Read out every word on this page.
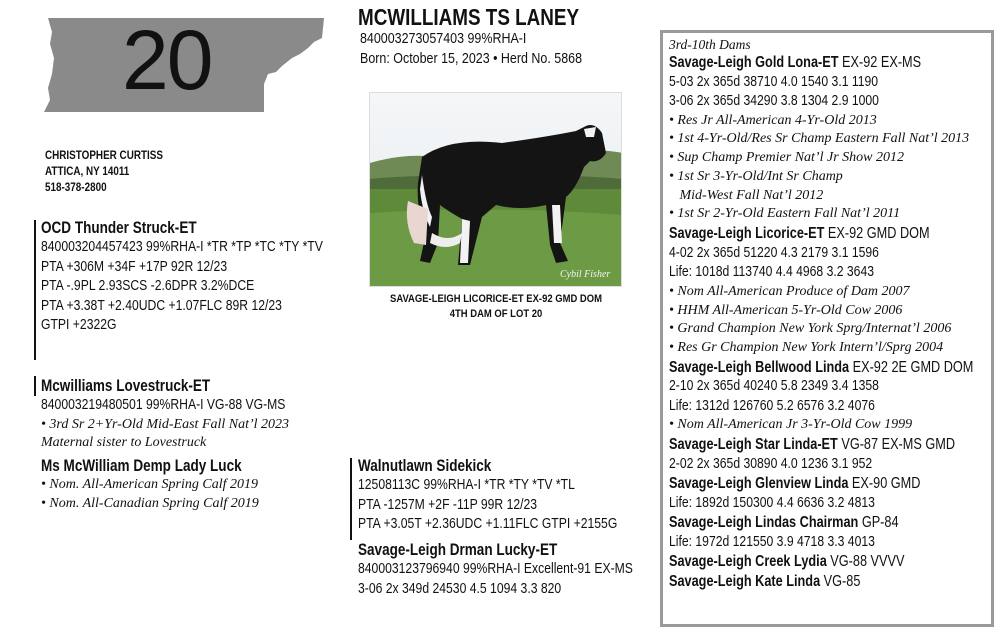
20
CHRISTOPHER CURTISS
ATTICA, NY 14011
518-378-2800
MCWILLIAMS TS LANEY
840003273057403 99%RHA-I
Born: October 15, 2023 • Herd No. 5868
Cybil Fisher
SAVAGE-LEIGH LICORICE-ET EX-92 GMD DOM
4TH DAM OF LOT 20
OCD Thunder Struck-ET
840003204457423 99%RHA-I *TR *TP *TC *TY *TV
PTA +306M +34F +17P 92R 12/23
PTA -.9PL 2.93SCS -2.6DPR 3.2%DCE
PTA +3.38T +2.40UDC +1.07FLC 89R 12/23
GTPI +2322G
Mcwilliams Lovestruck-ET
840003219480501 99%RHA-I VG-88 VG-MS
• 3rd Sr 2+Yr-Old Mid-East Fall Nat’l 2023
Maternal sister to Lovestruck
Ms McWilliam Demp Lady Luck
• Nom. All-American Spring Calf 2019
• Nom. All-Canadian Spring Calf 2019
Walnutlawn Sidekick
12508113C 99%RHA-I *TR *TY *TV *TL
PTA -1257M +2F -11P 99R 12/23
PTA +3.05T +2.36UDC +1.11FLC GTPI +2155G
Savage-Leigh Drman Lucky-ET
840003123796940 99%RHA-I Excellent-91 EX-MS
3-06 2x 349d 24530 4.5 1094 3.3 820
3rd-10th Dams
Savage-Leigh Gold Lona-ET EX-92 EX-MS
5-03 2x 365d 38710 4.0 1540 3.1 1190
3-06 2x 365d 34290 3.8 1304 2.9 1000
• Res Jr All-American 4-Yr-Old 2013
• 1st 4-Yr-Old/Res Sr Champ Eastern Fall Nat’l 2013
• Sup Champ Premier Nat’l Jr Show 2012
• 1st Sr 3-Yr-Old/Int Sr Champ
Mid-West Fall Nat’l 2012
• 1st Sr 2-Yr-Old Eastern Fall Nat’l 2011
Savage-Leigh Licorice-ET EX-92 GMD DOM
4-02 2x 365d 51220 4.3 2179 3.1 1596
Life: 1018d 113740 4.4 4968 3.2 3643
• Nom All-American Produce of Dam 2007
• HHM All-American 5-Yr-Old Cow 2006
• Grand Champion New York Sprg/Internat’l 2006
• Res Gr Champion New York Intern’l/Sprg 2004
Savage-Leigh Bellwood Linda EX-92 2E GMD DOM
2-10 2x 365d 40240 5.8 2349 3.4 1358
Life: 1312d 126760 5.2 6576 3.2 4076
• Nom All-American Jr 3-Yr-Old Cow 1999
Savage-Leigh Star Linda-ET VG-87 EX-MS GMD
2-02 2x 365d 30890 4.0 1236 3.1 952
Savage-Leigh Glenview Linda EX-90 GMD
Life: 1892d 150300 4.4 6636 3.2 4813
Savage-Leigh Lindas Chairman GP-84
Life: 1972d 121550 3.9 4718 3.3 4013
Savage-Leigh Creek Lydia VG-88 VVVV
Savage-Leigh Kate Linda VG-85
